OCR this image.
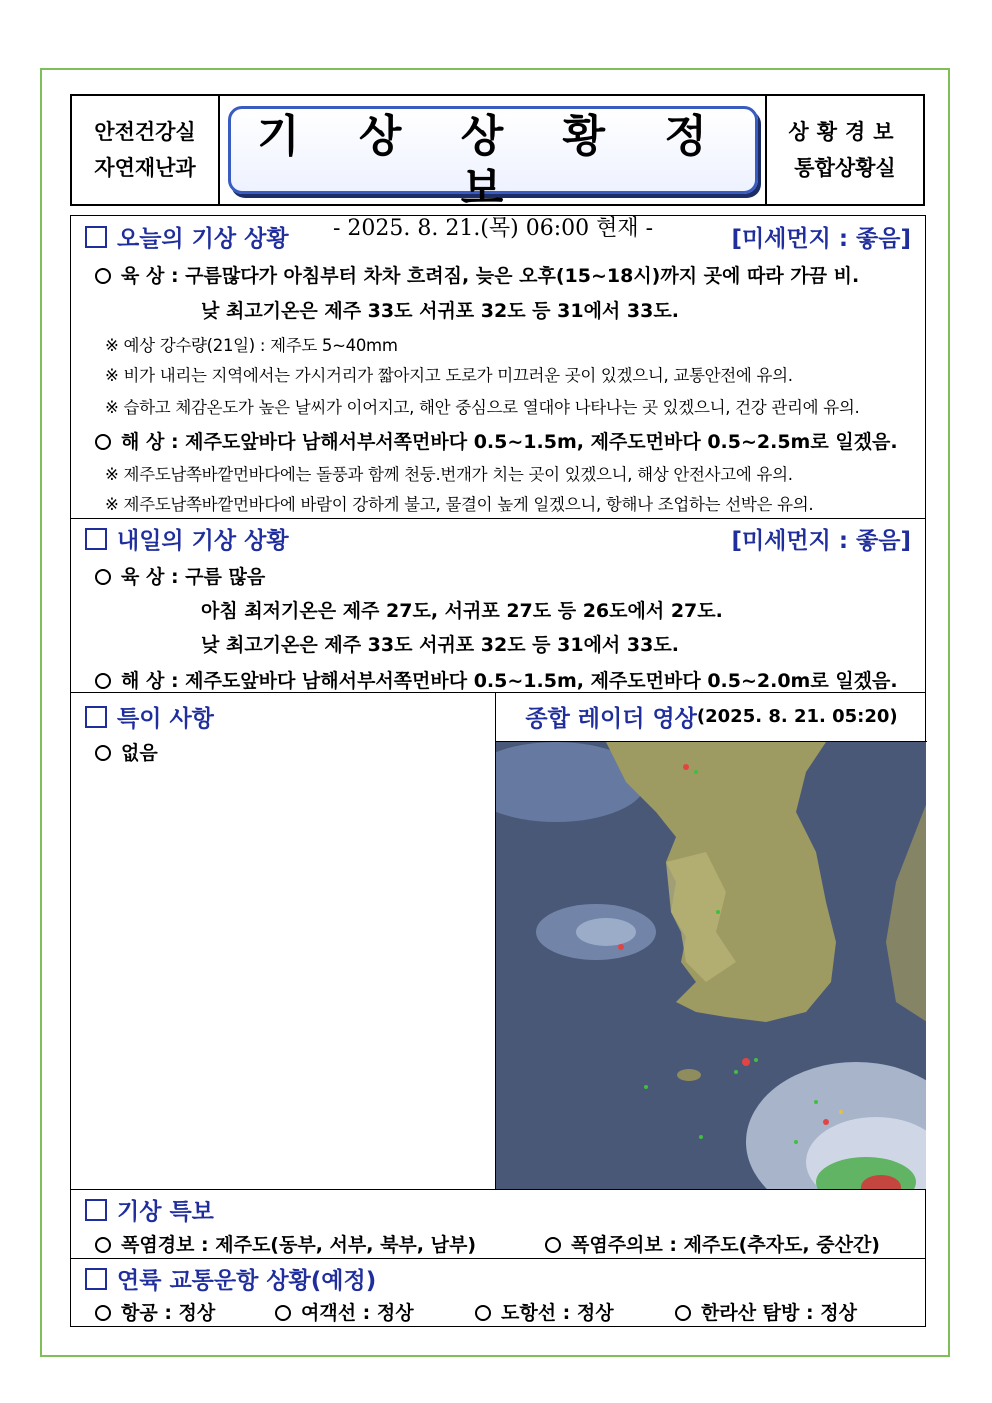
안전건강실
자연재난과
기 상 상 황 정 보
- 2025. 8. 21.(목) 06:00 현재 -
상황경보
통합상황실
오늘의 기상 상황	[미세먼지 : 좋음]
육 상 : 구름많다가 아침부터 차차 흐려짐, 늦은 오후(15~18시)까지 곳에 따라 가끔 비.
낮 최고기온은 제주 33도 서귀포 32도 등 31에서 33도.
※ 예상 강수량(21일) : 제주도 5~40mm
※ 비가 내리는 지역에서는 가시거리가 짧아지고 도로가 미끄러운 곳이 있겠으니, 교통안전에 유의.
※ 습하고 체감온도가 높은 날씨가 이어지고, 해안 중심으로 열대야 나타나는 곳 있겠으니, 건강 관리에 유의.
해 상 : 제주도앞바다 남해서부서쪽먼바다 0.5~1.5m, 제주도먼바다 0.5~2.5m로 일겠음.
※ 제주도남쪽바깥먼바다에는 돌풍과 함께 천둥.번개가 치는 곳이 있겠으니, 해상 안전사고에 유의.
※ 제주도남쪽바깥먼바다에 바람이 강하게 불고, 물결이 높게 일겠으니, 항해나 조업하는 선박은 유의.
내일의 기상 상황	[미세먼지 : 좋음]
육 상 : 구름 많음
아침 최저기온은 제주 27도, 서귀포 27도 등 26도에서 27도.
낮 최고기온은 제주 33도 서귀포 32도 등 31에서 33도.
해 상 : 제주도앞바다 남해서부서쪽먼바다 0.5~1.5m, 제주도먼바다 0.5~2.0m로 일겠음.
특이 사항
없음
종합 레이더 영상 (2025. 8. 21. 05:20)
기상 특보
폭염경보 : 제주도(동부, 서부, 북부, 남부)	폭염주의보 : 제주도(추자도, 중산간)
연륙 교통운항 상황(예정)
항공 : 정상	여객선 : 정상	도항선 : 정상	한라산 탐방 : 정상
